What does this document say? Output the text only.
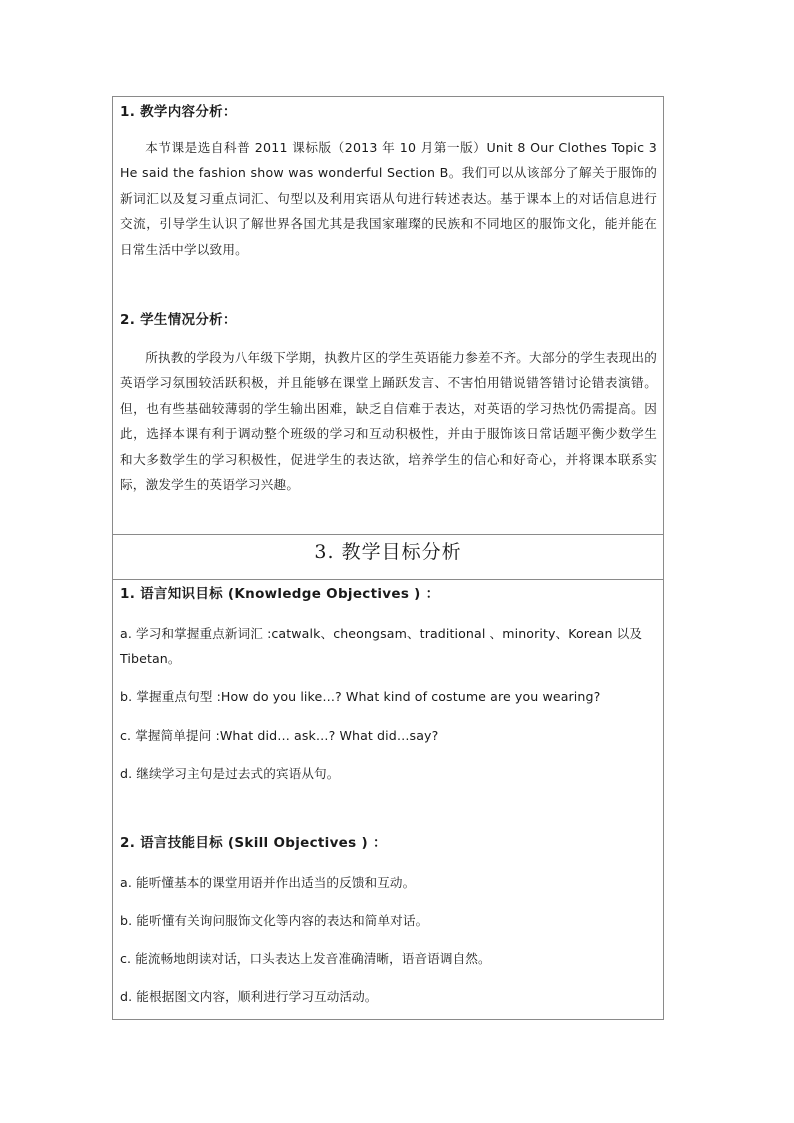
1. 教学内容分析：
本节课是选自科普 2011 课标版（2013 年 10 月第一版）Unit 8 Our Clothes Topic 3 He said the fashion show was wonderful Section B。我们可以从该部分了解关于服饰的新词汇以及复习重点词汇、句型以及利用宾语从句进行转述表达。基于课本上的对话信息进行交流，引导学生认识了解世界各国尤其是我国家璀璨的民族和不同地区的服饰文化，能并能在日常生活中学以致用。
2. 学生情况分析：
所执教的学段为八年级下学期，执教片区的学生英语能力参差不齐。大部分的学生表现出的英语学习氛围较活跃积极，并且能够在课堂上踊跃发言、不害怕用错说错答错讨论错表演错。但，也有些基础较薄弱的学生输出困难，缺乏自信难于表达，对英语的学习热忱仍需提高。因此，选择本课有利于调动整个班级的学习和互动积极性，并由于服饰该日常话题平衡少数学生和大多数学生的学习积极性，促进学生的表达欲，培养学生的信心和好奇心，并将课本联系实际，激发学生的英语学习兴趣。
3. 教学目标分析
1. 语言知识目标 (Knowledge Objectives ) ：
a. 学习和掌握重点新词汇 :catwalk、cheongsam、traditional 、minority、Korean 以及 Tibetan。
b. 掌握重点句型 :How do you like…? What kind of costume are you wearing?
c. 掌握简单提问 :What did… ask…? What did…say?
d. 继续学习主句是过去式的宾语从句。
2. 语言技能目标 (Skill Objectives ) ：
a. 能听懂基本的课堂用语并作出适当的反馈和互动。
b. 能听懂有关询问服饰文化等内容的表达和简单对话。
c. 能流畅地朗读对话，口头表达上发音准确清晰，语音语调自然。
d. 能根据图文内容，顺利进行学习互动活动。
